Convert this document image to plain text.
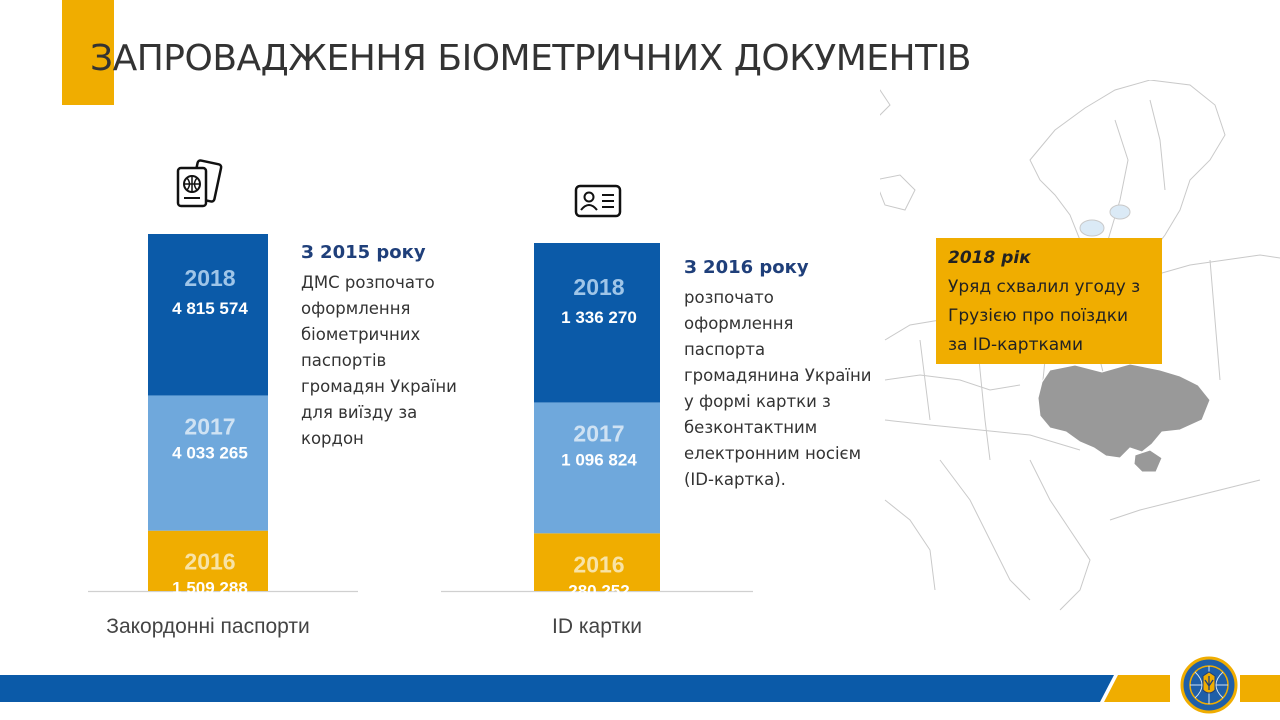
ЗАПРОВАДЖЕННЯ БІОМЕТРИЧНИХ ДОКУМЕНТІВ
2016
1 509 288
2017
4 033 265
2018
4 815 574
Закордонні паспорти
2016
280 252
2017
1 096 824
2018
1 336 270
ID картки
З 2015 року

ДМС розпочато оформлення біометричних паспортів громадян України для виїзду за кордон

З 2016 року

розпочато оформлення паспорта громадянина України у формі картки з безконтактним електронним носієм (ID-картка).

2018 рік
Уряд схвалил угоду з Грузією про поїздки за ID-картками
